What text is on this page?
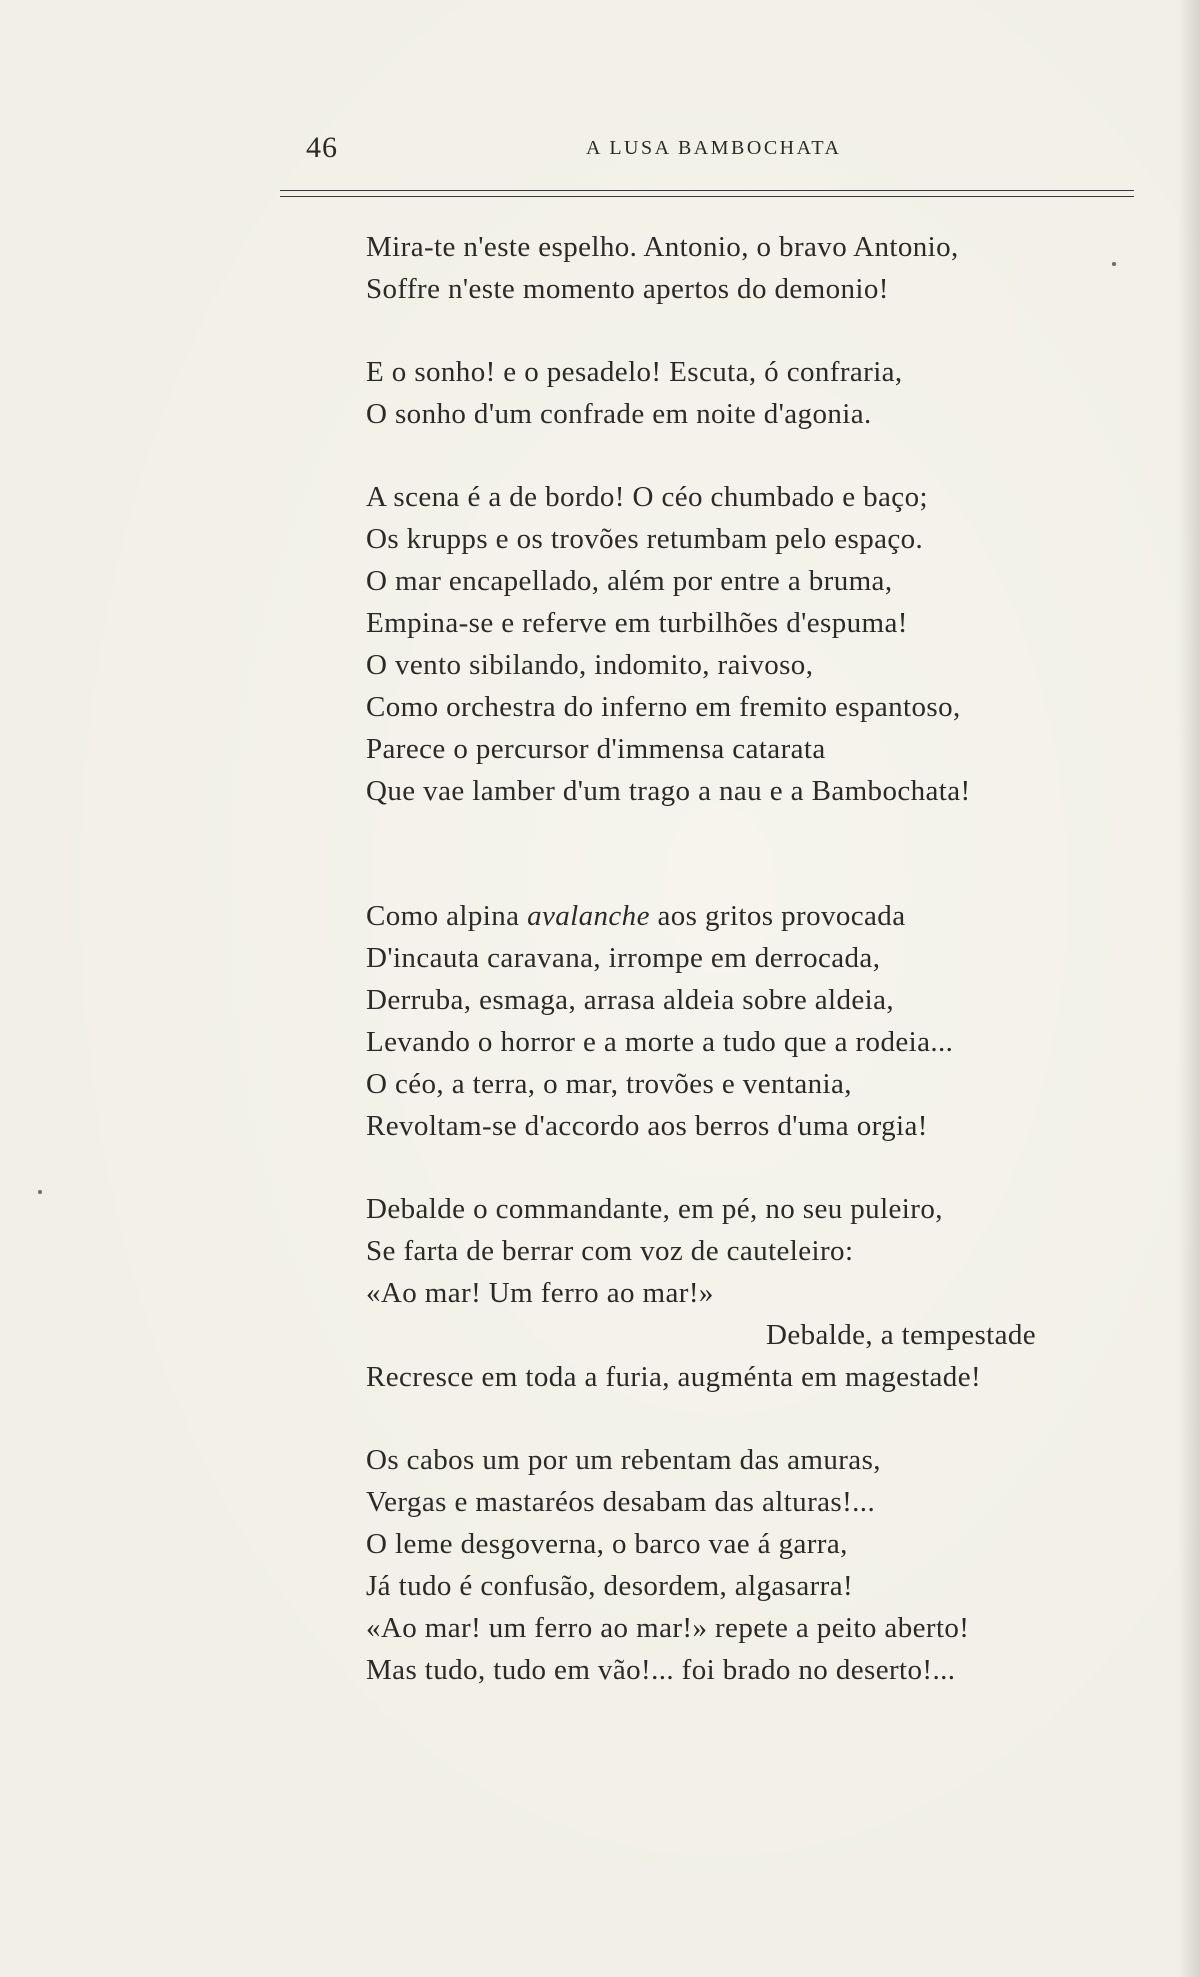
46	A LUSA BAMBOCHATA
Mira-te n'este espelho. Antonio, o bravo Antonio,
Soffre n'este momento apertos do demonio!
E o sonho! e o pesadelo! Escuta, ó confraria,
O sonho d'um confrade em noite d'agonia.
A scena é a de bordo! O céo chumbado e baço;
Os krupps e os trovões retumbam pelo espaço.
O mar encapellado, além por entre a bruma,
Empina-se e referve em turbilhões d'espuma!
O vento sibilando, indomito, raivoso,
Como orchestra do inferno em fremito espantoso,
Parece o percursor d'immensa catarata
Que vae lamber d'um trago a nau e a Bambochata!
Como alpina avalanche aos gritos provocada
D'incauta caravana, irrompe em derrocada,
Derruba, esmaga, arrasa aldeia sobre aldeia,
Levando o horror e a morte a tudo que a rodeia...
O céo, a terra, o mar, trovões e ventania,
Revoltam-se d'accordo aos berros d'uma orgia!
Debalde o commandante, em pé, no seu puleiro,
Se farta de berrar com voz de cauteleiro:
«Ao mar! Um ferro ao mar!»
Debalde, a tempestade
Recresce em toda a furia, augménta em magestade!
Os cabos um por um rebentam das amuras,
Vergas e mastaréos desabam das alturas!...
O leme desgoverna, o barco vae á garra,
Já tudo é confusão, desordem, algasarra!
«Ao mar! um ferro ao mar!» repete a peito aberto!
Mas tudo, tudo em vão!... foi brado no deserto!...
